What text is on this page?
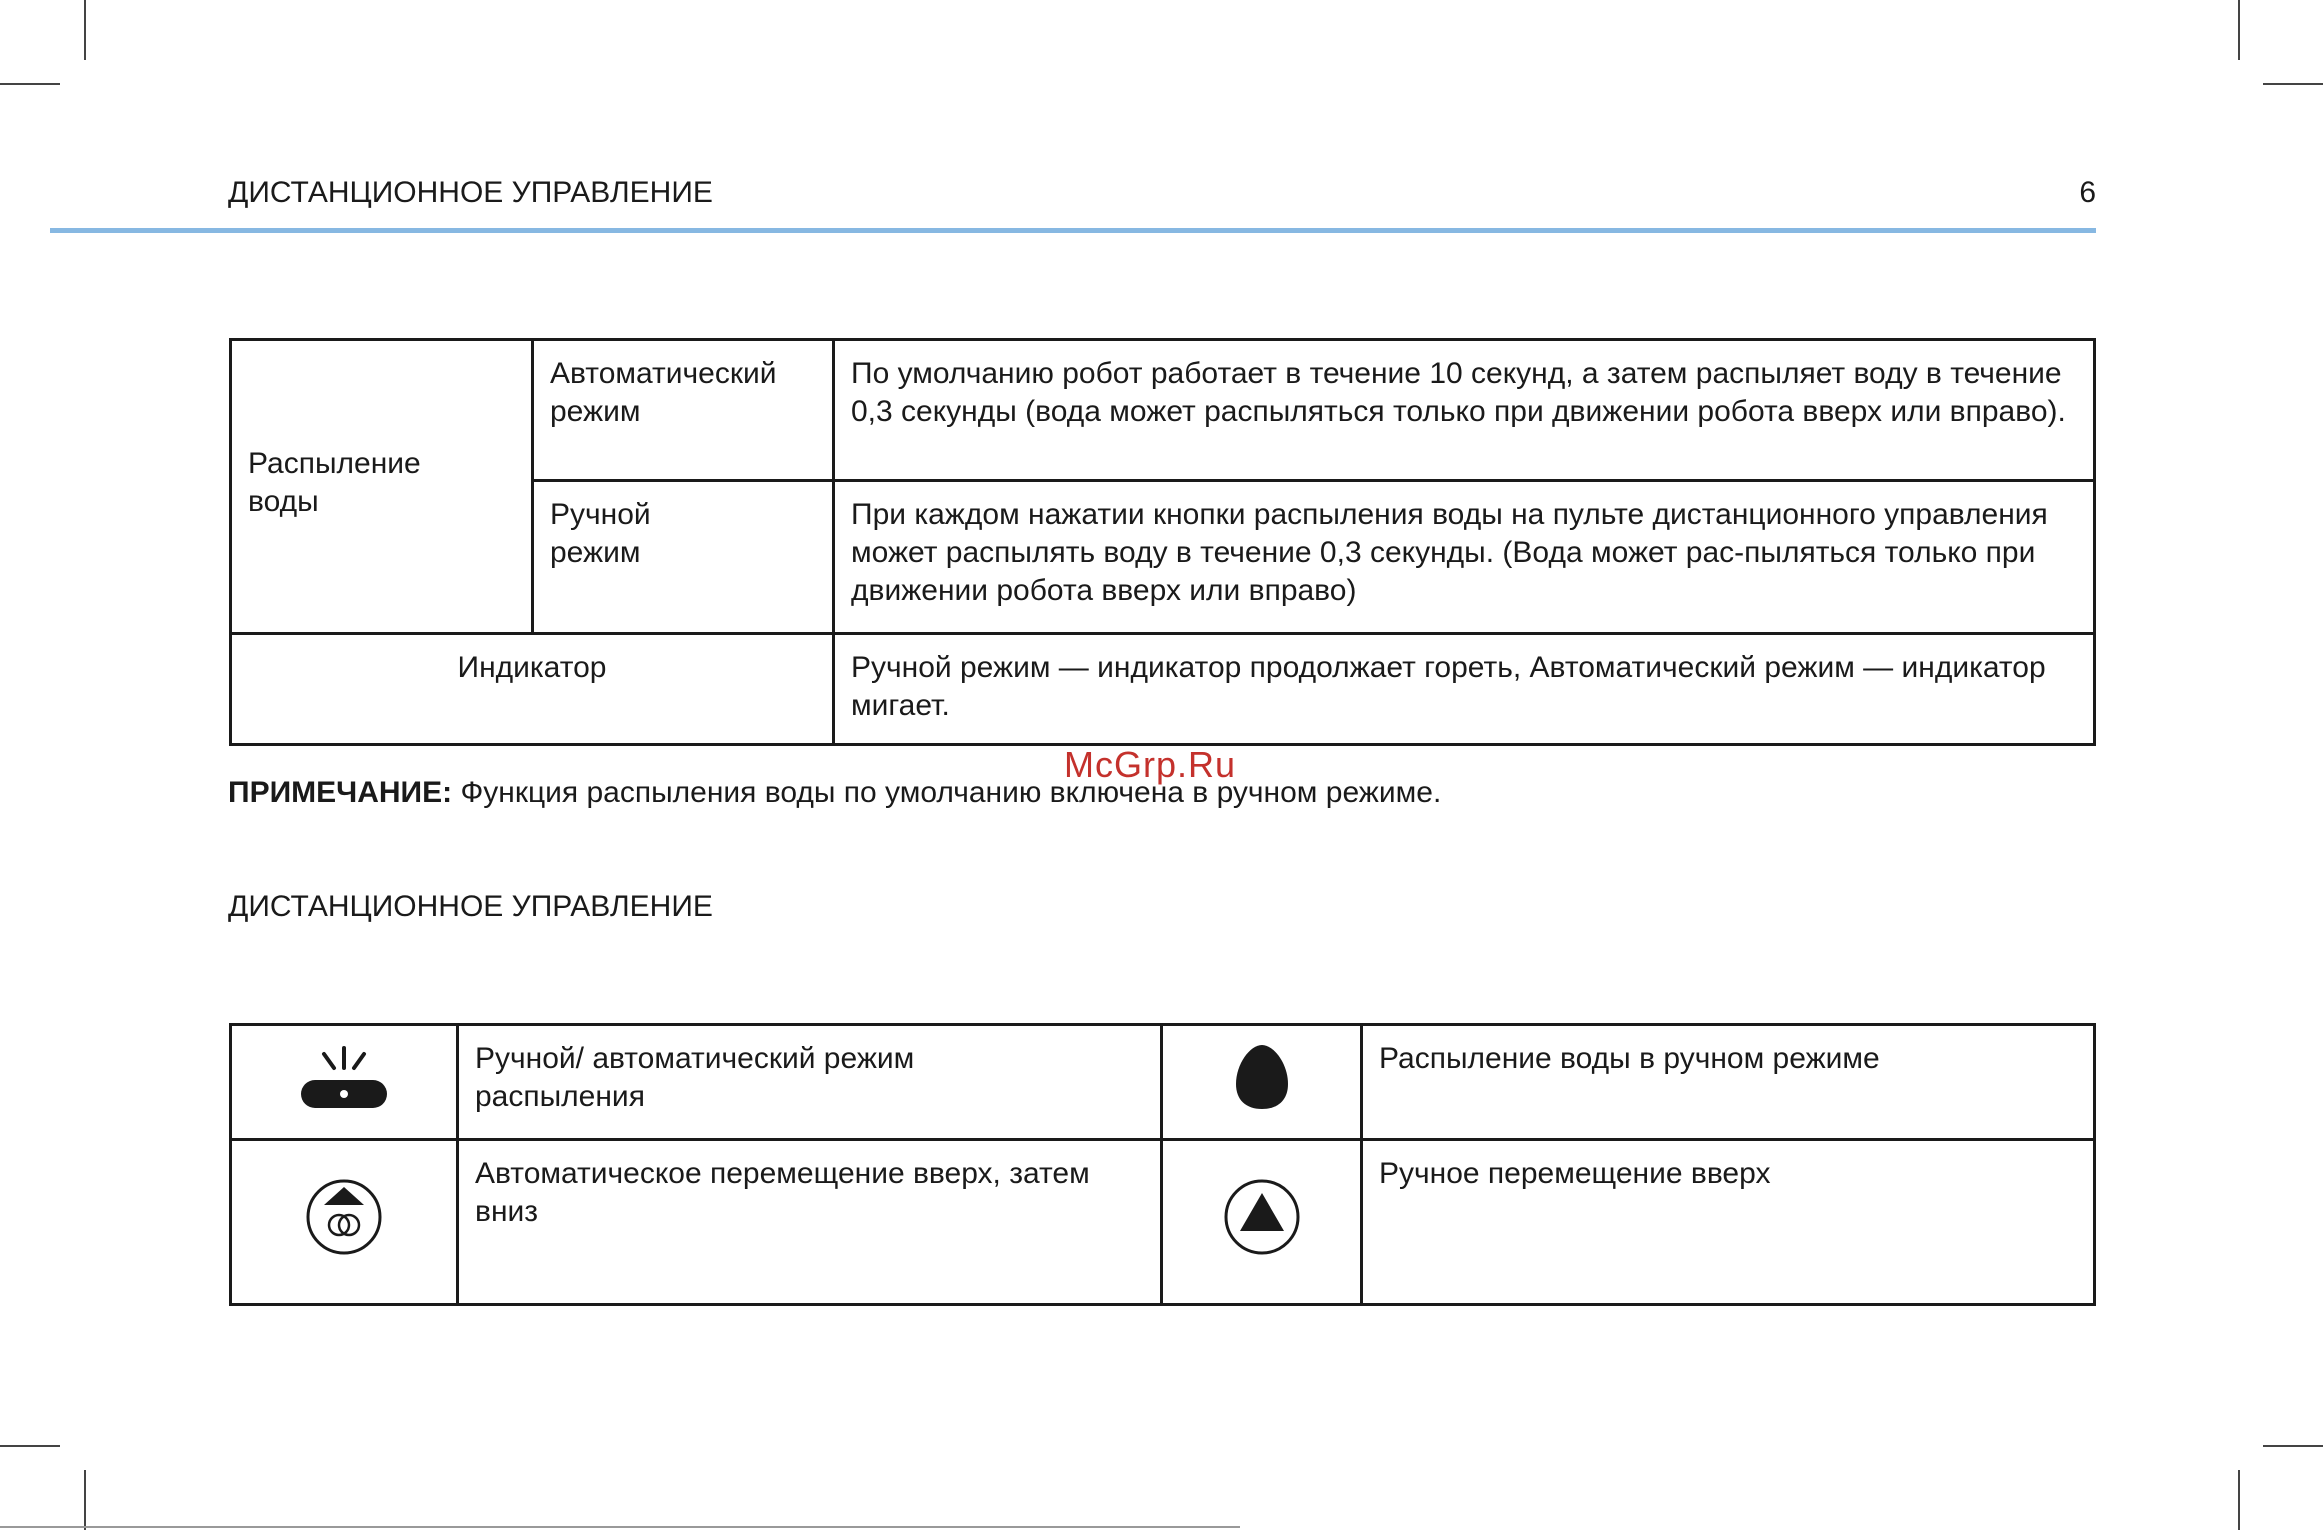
ДИСТАНЦИОННОЕ УПРАВЛЕНИЕ	6
Распыление воды	Автоматический режим	По умолчанию робот работает в течение 10 секунд, а затем распыляет воду в течение 0,3 секунды (вода может распыляться только при движении робота вверх или вправо).

	Ручной режим	При каждом нажатии кнопки распыления воды на пульте дистанционного управления может распылять воду в течение 0,3 секунды. (Вода может рас-пыляться только при движении робота вверх или вправо)
Индикатор		Ручной режим — индикатор продолжает гореть, Автоматический режим — индикатор мигает.
McGrp.Ru
ПРИМЕЧАНИЕ: Функция распыления воды по умолчанию включена в ручном режиме.
ДИСТАНЦИОННОЕ УПРАВЛЕНИЕ

Ручной/ автоматический режим распыления		Распыление воды в ручном режиме

Автоматическое перемещение вверх, затем вниз		Ручное перемещение вверх
